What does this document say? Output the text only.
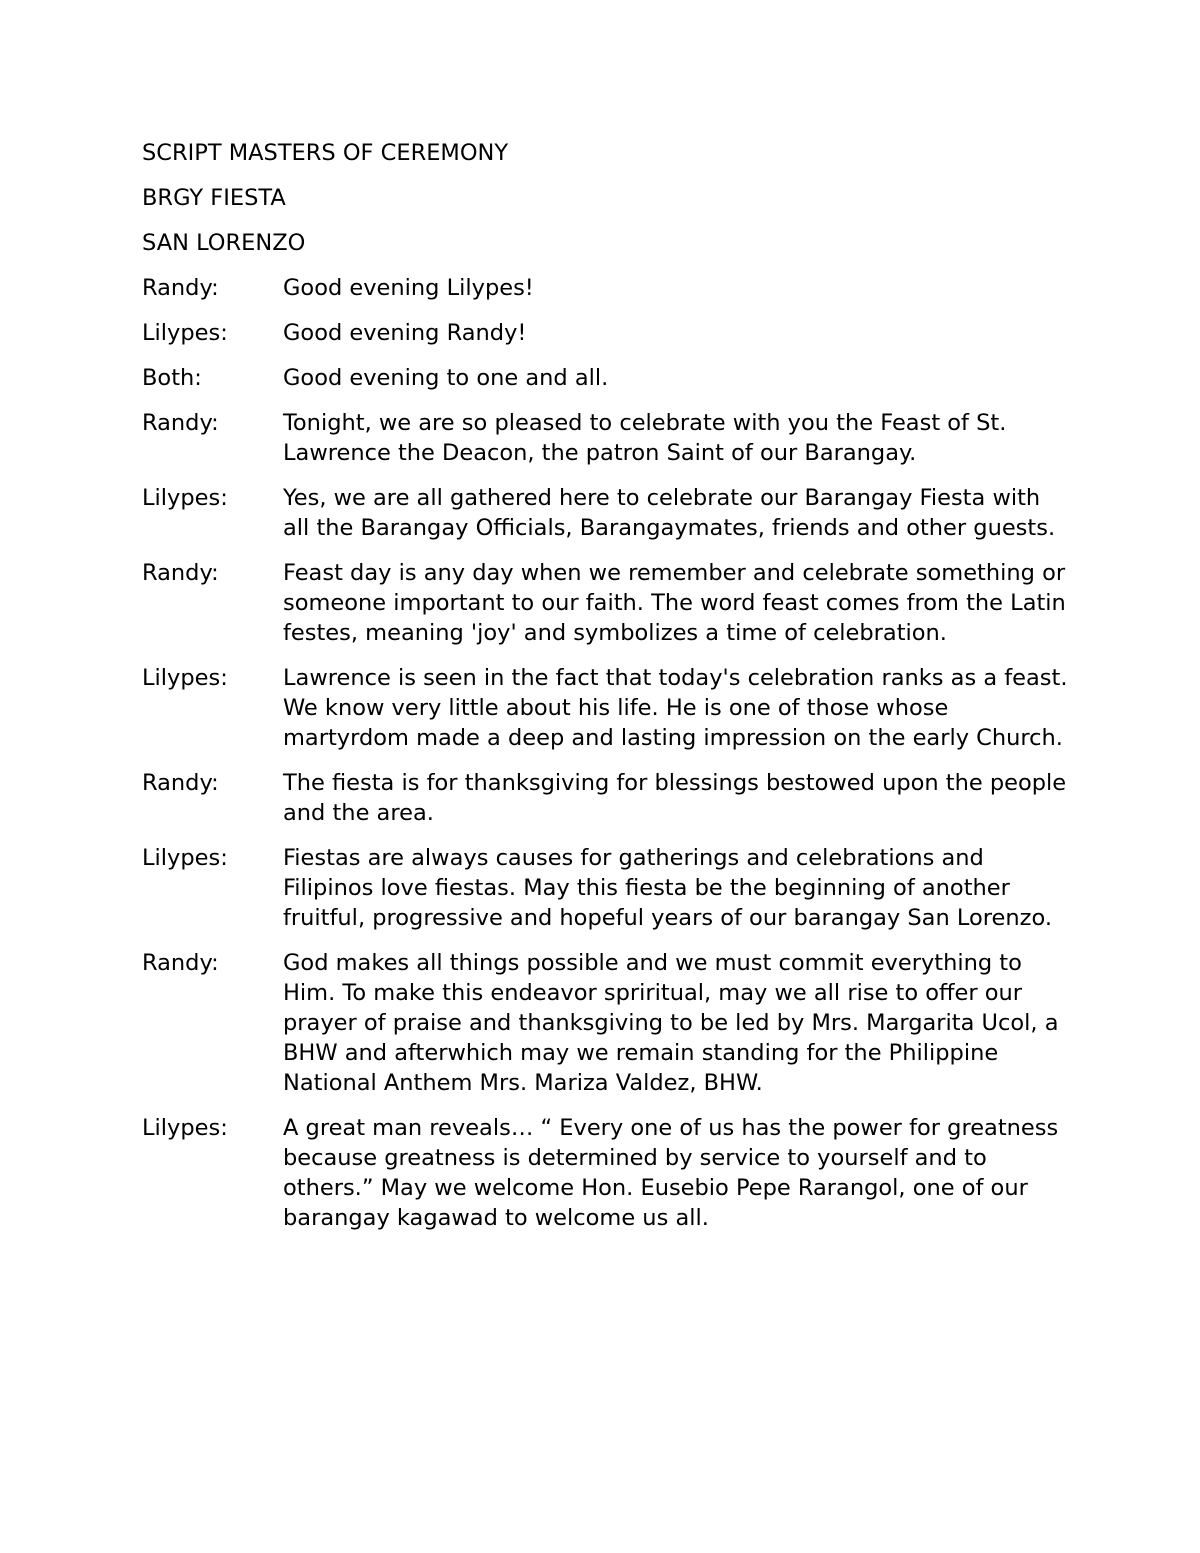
SCRIPT MASTERS OF CEREMONY
BRGY FIESTA
SAN LORENZO
Randy:	Good evening Lilypes!
Lilypes:	Good evening Randy!
Both:	Good evening to one and all.
Randy:	Tonight, we are so pleased to celebrate with you the Feast of St. Lawrence the Deacon, the patron Saint of our Barangay.
Lilypes:	Yes, we are all gathered here to celebrate our Barangay Fiesta with all the Barangay Officials, Barangaymates, friends and other guests.
Randy:	Feast day is any day when we remember and celebrate something or someone important to our faith. The word feast comes from the Latin festes, meaning 'joy' and symbolizes a time of celebration.
Lilypes:	Lawrence is seen in the fact that today's celebration ranks as a feast. We know very little about his life. He is one of those whose martyrdom made a deep and lasting impression on the early Church.
Randy:	The fiesta is for thanksgiving for blessings bestowed upon the people and the area.
Lilypes:	Fiestas are always causes for gatherings and celebrations and Filipinos love fiestas. May this fiesta be the beginning of another fruitful, progressive and hopeful years of our barangay San Lorenzo.
Randy:	God makes all things possible and we must commit everything to Him. To make this endeavor spriritual, may we all rise to offer our prayer of praise and thanksgiving to be led by Mrs. Margarita Ucol, a BHW and afterwhich may we remain standing for the Philippine National Anthem Mrs. Mariza Valdez, BHW.
Lilypes:	A great man reveals… “ Every one of us has the power for greatness because greatness is determined by service to yourself and to others.” May we welcome Hon. Eusebio Pepe Rarangol, one of our barangay kagawad to welcome us all.
